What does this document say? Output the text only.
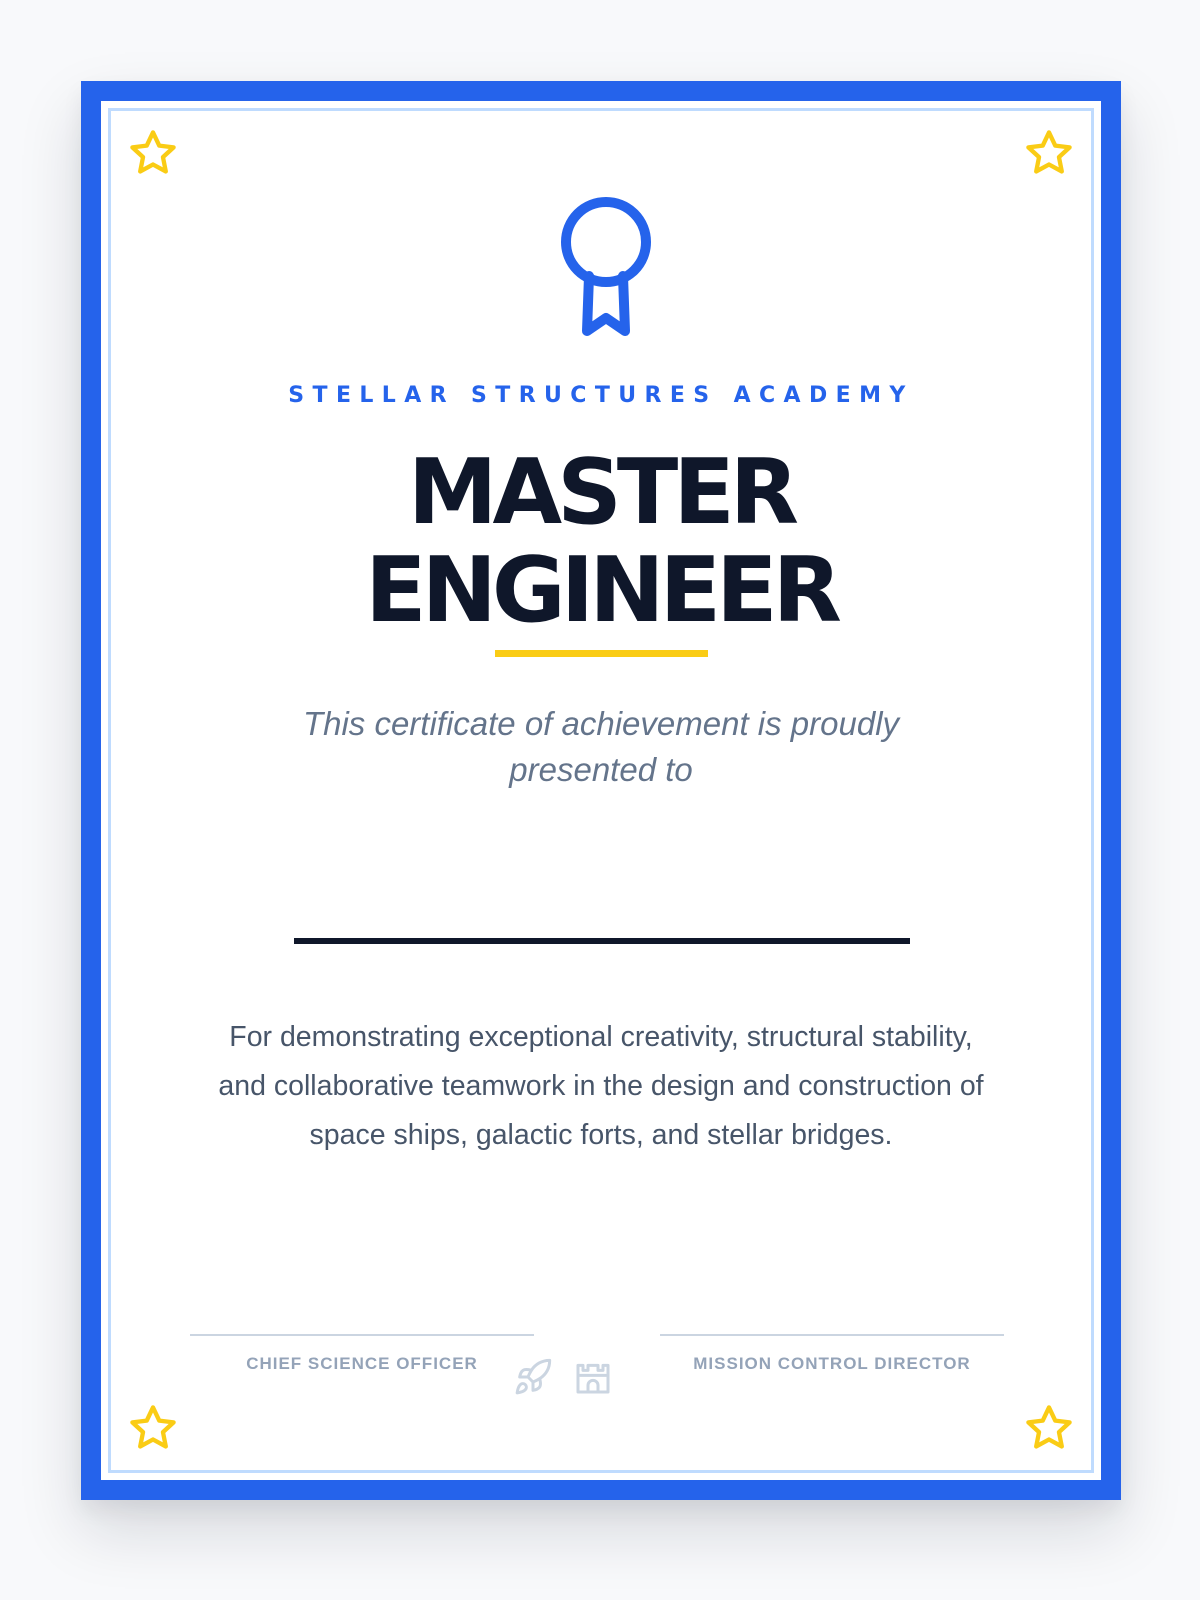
STELLAR STRUCTURES ACADEMY
MASTER
ENGINEER
This certificate of achievement is proudly presented to
For demonstrating exceptional creativity, structural stability, and collaborative teamwork in the design and construction of space ships, galactic forts, and stellar bridges.
CHIEF SCIENCE OFFICER	MISSION CONTROL DIRECTOR
